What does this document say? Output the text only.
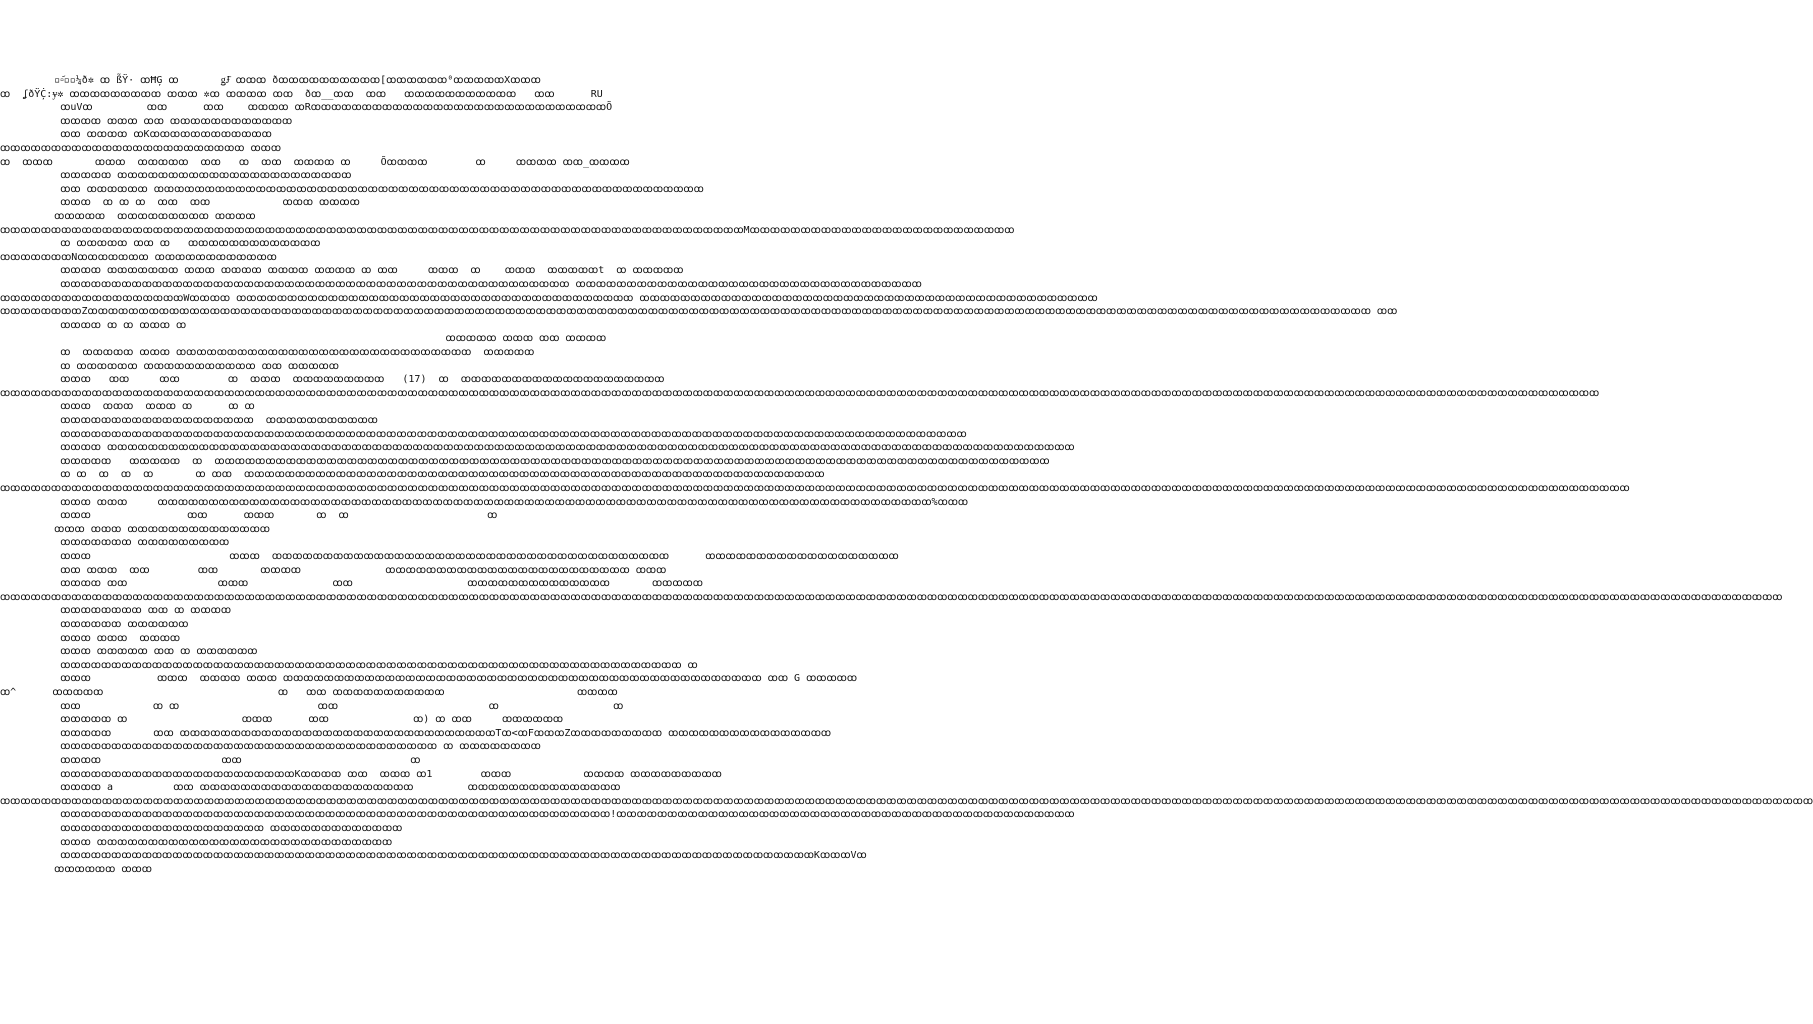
▫▫᷄▫▫¼ð✲ ꝏ ß̃Ÿ· ꝏĦĢ ꝏ       ǥɈ̄ ꝏꝏꝏ ðꝏꝏꝏꝏꝏꝏꝏꝏꝏꝏ[ꝏꝏꝏꝏꝏꝏ⁰ꝏꝏꝏꝏꝏXꝏꝏꝏ
ꝏ  ʆðŸĊ̦:ɏ✲ ꝏꝏꝏꝏꝏꝏꝏꝏꝏ ꝏꝏꝏ ✲ꝏ ꝏꝏꝏꝏ ꝏꝏ  ðꝏ__ꝏꝏ  ꝏꝏ   ꝏꝏꝏꝏꝏꝏꝏꝏꝏꝏꝏ   ꝏꝏ      RU
ꝏuVꝏ         ꝏꝏ      ꝏꝏ    ꝏꝏꝏꝏ ꝏRꝏꝏꝏꝏꝏꝏꝏꝏꝏꝏꝏꝏꝏꝏꝏꝏꝏꝏꝏꝏꝏꝏꝏꝏꝏꝏꝏꝏꝏÕ
ꝏꝏꝏꝏ ꝏꝏꝏ ꝏꝏ ꝏꝏꝏꝏꝏꝏꝏꝏꝏꝏꝏꝏ
ꝏꝏ ꝏꝏꝏꝏ ꝏKꝏꝏꝏꝏꝏꝏꝏꝏꝏꝏꝏꝏ
ꝏꝏꝏꝏꝏꝏꝏꝏꝏꝏꝏꝏꝏꝏꝏꝏꝏꝏꝏꝏꝏꝏꝏꝏ ꝏꝏꝏ
ꝏ  ꝏꝏꝏ       ꝏꝏꝏ  ꝏꝏꝏꝏꝏ  ꝏꝏ   ꝏ  ꝏꝏ  ꝏꝏꝏꝏ ꝏ     Õꝏꝏꝏꝏ        ꝏ     ꝏꝏꝏꝏ ꝏꝏ_ꝏꝏꝏꝏ
ꝏꝏꝏꝏꝏ ꝏꝏꝏꝏꝏꝏꝏꝏꝏꝏꝏꝏꝏꝏꝏꝏꝏꝏꝏꝏꝏꝏꝏ
ꝏꝏ ꝏꝏꝏꝏꝏꝏ ꝏꝏꝏꝏꝏꝏꝏꝏꝏꝏꝏꝏꝏꝏꝏꝏꝏꝏꝏꝏꝏꝏꝏꝏꝏꝏꝏꝏꝏꝏꝏꝏꝏꝏꝏꝏꝏꝏꝏꝏꝏꝏꝏꝏꝏꝏꝏꝏꝏꝏꝏꝏꝏꝏ
ꝏꝏꝏ  ꝏ ꝏ ꝏ  ꝏꝏ  ꝏꝏ            ꝏꝏꝏ ꝏꝏꝏꝏ
ꝏꝏꝏꝏꝏ  ꝏꝏꝏꝏꝏꝏꝏꝏꝏ ꝏꝏꝏꝏ
ꝏꝏꝏꝏꝏꝏꝏꝏꝏꝏꝏꝏꝏꝏꝏꝏꝏꝏꝏꝏꝏꝏꝏꝏꝏꝏꝏꝏꝏꝏꝏꝏꝏꝏꝏꝏꝏꝏꝏꝏꝏꝏꝏꝏꝏꝏꝏꝏꝏꝏꝏꝏꝏꝏꝏꝏꝏꝏꝏꝏꝏꝏꝏꝏꝏꝏꝏꝏꝏꝏꝏꝏꝏMꝏꝏꝏꝏꝏꝏꝏꝏꝏꝏꝏꝏꝏꝏꝏꝏꝏꝏꝏꝏꝏꝏꝏꝏꝏꝏ
ꝏ ꝏꝏꝏꝏꝏ ꝏꝏ ꝏ   ꝏꝏꝏꝏꝏꝏꝏꝏꝏꝏꝏꝏꝏ
ꝏꝏꝏꝏꝏꝏꝏNꝏꝏꝏꝏꝏꝏꝏ ꝏꝏꝏꝏꝏꝏꝏꝏꝏꝏꝏꝏ
ꝏꝏꝏꝏ ꝏꝏꝏꝏꝏꝏꝏ ꝏꝏꝏ ꝏꝏꝏꝏ ꝏꝏꝏꝏ ꝏꝏꝏꝏ ꝏ ꝏꝏ     ꝏꝏꝏ  ꝏ    ꝏꝏꝏ  ꝏꝏꝏꝏꝏt  ꝏ ꝏꝏꝏꝏꝏ
ꝏꝏꝏꝏꝏꝏꝏꝏꝏꝏꝏꝏꝏꝏꝏꝏꝏꝏꝏꝏꝏꝏꝏꝏꝏꝏꝏꝏꝏꝏꝏꝏꝏꝏꝏꝏꝏꝏꝏꝏꝏꝏꝏꝏꝏꝏꝏꝏꝏꝏ ꝏꝏꝏꝏꝏꝏꝏꝏꝏꝏꝏꝏꝏꝏꝏꝏꝏꝏꝏꝏꝏꝏꝏꝏꝏꝏꝏꝏꝏꝏꝏꝏꝏꝏ
ꝏꝏꝏꝏꝏꝏꝏꝏꝏꝏꝏꝏꝏꝏꝏꝏꝏꝏWꝏꝏꝏꝏ ꝏꝏꝏꝏꝏꝏꝏꝏꝏꝏꝏꝏꝏꝏꝏꝏꝏꝏꝏꝏꝏꝏꝏꝏꝏꝏꝏꝏꝏꝏꝏꝏꝏꝏꝏꝏꝏꝏꝏ ꝏꝏꝏꝏꝏꝏꝏꝏꝏꝏꝏꝏꝏꝏꝏꝏꝏꝏꝏꝏꝏꝏꝏꝏꝏꝏꝏꝏꝏꝏꝏꝏꝏꝏꝏꝏꝏꝏꝏꝏꝏꝏꝏꝏꝏ
ꝏꝏꝏꝏꝏꝏꝏꝏZꝏꝏꝏꝏꝏꝏꝏꝏꝏꝏꝏꝏꝏꝏꝏꝏꝏꝏꝏꝏꝏꝏꝏꝏꝏꝏꝏꝏꝏꝏꝏꝏꝏꝏꝏꝏꝏꝏꝏꝏꝏꝏꝏꝏꝏꝏꝏꝏꝏꝏꝏꝏꝏꝏꝏꝏꝏꝏꝏꝏꝏꝏꝏꝏꝏꝏꝏꝏꝏꝏꝏꝏꝏꝏꝏꝏꝏꝏꝏꝏꝏꝏꝏꝏꝏꝏꝏꝏꝏꝏꝏꝏꝏꝏꝏꝏꝏꝏꝏꝏꝏꝏꝏꝏꝏꝏꝏꝏꝏꝏꝏꝏꝏꝏꝏꝏꝏꝏꝏꝏꝏꝏꝏꝏꝏꝏ ꝏꝏ
ꝏꝏꝏꝏ ꝏ ꝏ ꝏꝏꝏ ꝏ
ꝏꝏꝏꝏꝏ ꝏꝏꝏ ꝏꝏ ꝏꝏꝏꝏ
ꝏ  ꝏꝏꝏꝏꝏ ꝏꝏꝏ ꝏꝏꝏꝏꝏꝏꝏꝏꝏꝏꝏꝏꝏꝏꝏꝏꝏꝏꝏꝏꝏꝏꝏꝏꝏꝏꝏꝏꝏ  ꝏꝏꝏꝏꝏ
ꝏ ꝏꝏꝏꝏꝏꝏ ꝏꝏꝏꝏꝏꝏꝏꝏꝏꝏꝏ ꝏꝏ ꝏꝏꝏꝏꝏ
ꝏꝏꝏ   ꝏꝏ     ꝏꝏ        ꝏ  ꝏꝏꝏ  ꝏꝏꝏꝏꝏꝏꝏꝏꝏ   (17)  ꝏ  ꝏꝏꝏꝏꝏꝏꝏꝏꝏꝏꝏꝏꝏꝏꝏꝏꝏꝏꝏꝏ
ꝏꝏꝏꝏꝏꝏꝏꝏꝏꝏꝏꝏꝏꝏꝏꝏꝏꝏꝏꝏꝏꝏꝏꝏꝏꝏꝏꝏꝏꝏꝏꝏꝏꝏꝏꝏꝏꝏꝏꝏꝏꝏꝏꝏꝏꝏꝏꝏꝏꝏꝏꝏꝏꝏꝏꝏꝏꝏꝏꝏꝏꝏꝏꝏꝏꝏꝏꝏꝏꝏꝏꝏꝏꝏꝏꝏꝏꝏꝏꝏꝏꝏꝏꝏꝏꝏꝏꝏꝏꝏꝏꝏꝏꝏꝏꝏꝏꝏꝏꝏꝏꝏꝏꝏꝏꝏꝏꝏꝏꝏꝏꝏꝏꝏꝏꝏꝏꝏꝏꝏꝏꝏꝏꝏꝏꝏꝏꝏꝏꝏꝏꝏꝏꝏꝏꝏꝏꝏꝏꝏꝏꝏꝏꝏꝏꝏꝏꝏꝏꝏꝏꝏꝏꝏꝏꝏꝏ
ꝏꝏꝏ  ꝏꝏꝏ  ꝏꝏꝏ ꝏ      ꝏ ꝏ
ꝏꝏꝏꝏꝏꝏꝏꝏꝏꝏꝏꝏꝏꝏꝏꝏꝏꝏꝏ  ꝏꝏꝏꝏꝏꝏꝏꝏꝏꝏꝏ
ꝏꝏꝏꝏꝏꝏꝏꝏꝏꝏꝏꝏꝏꝏꝏꝏꝏꝏꝏꝏꝏꝏꝏꝏꝏꝏꝏꝏꝏꝏꝏꝏꝏꝏꝏꝏꝏꝏꝏꝏꝏꝏꝏꝏꝏꝏꝏꝏꝏꝏꝏꝏꝏꝏꝏꝏꝏꝏꝏꝏꝏꝏꝏꝏꝏꝏꝏꝏꝏꝏꝏꝏꝏꝏꝏꝏꝏꝏꝏꝏꝏꝏꝏꝏꝏꝏꝏꝏꝏ
ꝏꝏꝏꝏ ꝏꝏꝏꝏꝏꝏꝏꝏꝏꝏꝏꝏꝏꝏꝏꝏꝏꝏꝏꝏꝏꝏꝏꝏꝏꝏꝏꝏꝏꝏꝏꝏꝏꝏꝏꝏꝏꝏꝏꝏꝏꝏꝏꝏꝏꝏꝏꝏꝏꝏꝏꝏꝏꝏꝏꝏꝏꝏꝏꝏꝏꝏꝏꝏꝏꝏꝏꝏꝏꝏꝏꝏꝏꝏꝏꝏꝏꝏꝏꝏꝏꝏꝏꝏꝏꝏꝏꝏꝏꝏꝏꝏꝏꝏꝏ
ꝏꝏꝏꝏꝏ   ꝏꝏꝏꝏꝏ  ꝏ  ꝏꝏꝏꝏꝏꝏꝏꝏꝏꝏꝏꝏꝏꝏꝏꝏꝏꝏꝏꝏꝏꝏꝏꝏꝏꝏꝏꝏꝏꝏꝏꝏꝏꝏꝏꝏꝏꝏꝏꝏꝏꝏꝏꝏꝏꝏꝏꝏꝏꝏꝏꝏꝏꝏꝏꝏꝏꝏꝏꝏꝏꝏꝏꝏꝏꝏꝏꝏꝏꝏꝏꝏꝏꝏꝏꝏꝏꝏꝏꝏꝏꝏ
ꝏ ꝏ  ꝏ  ꝏ  ꝏ       ꝏ ꝏꝏ  ꝏꝏꝏꝏꝏꝏꝏꝏꝏꝏꝏꝏꝏꝏꝏꝏꝏꝏꝏꝏꝏꝏꝏꝏꝏꝏꝏꝏꝏꝏꝏꝏꝏꝏꝏꝏꝏꝏꝏꝏꝏꝏꝏꝏꝏꝏꝏꝏꝏꝏꝏꝏꝏꝏꝏꝏꝏ
ꝏꝏꝏꝏꝏꝏꝏꝏꝏꝏꝏꝏꝏꝏꝏꝏꝏꝏꝏꝏꝏꝏꝏꝏꝏꝏꝏꝏꝏꝏꝏꝏꝏꝏꝏꝏꝏꝏꝏꝏꝏꝏꝏꝏꝏꝏꝏꝏꝏꝏꝏꝏꝏꝏꝏꝏꝏꝏꝏꝏꝏꝏꝏꝏꝏꝏꝏꝏꝏꝏꝏꝏꝏꝏꝏꝏꝏꝏꝏꝏꝏꝏꝏꝏꝏꝏꝏꝏꝏꝏꝏꝏꝏꝏꝏꝏꝏꝏꝏꝏꝏꝏꝏꝏꝏꝏꝏꝏꝏꝏꝏꝏꝏꝏꝏꝏꝏꝏꝏꝏꝏꝏꝏꝏꝏꝏꝏꝏꝏꝏꝏꝏꝏꝏꝏꝏꝏꝏꝏꝏꝏꝏꝏꝏꝏꝏꝏꝏꝏꝏꝏꝏꝏꝏꝏꝏꝏꝏꝏꝏ
ꝏꝏꝏ ꝏꝏꝏ     ꝏꝏꝏꝏꝏꝏꝏꝏꝏꝏꝏꝏꝏꝏꝏꝏꝏꝏꝏꝏꝏꝏꝏꝏꝏꝏꝏꝏꝏꝏꝏꝏꝏꝏꝏꝏꝏꝏꝏꝏꝏꝏꝏꝏꝏꝏꝏꝏꝏꝏꝏꝏꝏꝏꝏꝏꝏꝏꝏꝏꝏꝏꝏꝏꝏꝏꝏꝏꝏꝏꝏꝏꝏꝏꝏꝏ%ꝏꝏꝏ
ꝏꝏꝏ                ꝏꝏ      ꝏꝏꝏ       ꝏ  ꝏ                       ꝏ
ꝏꝏꝏ ꝏꝏꝏ ꝏꝏꝏꝏꝏꝏꝏꝏꝏꝏꝏꝏꝏꝏ
ꝏꝏꝏꝏꝏꝏꝏ ꝏꝏꝏꝏꝏꝏꝏꝏꝏ
ꝏꝏꝏ                       ꝏꝏꝏ  ꝏꝏꝏꝏꝏꝏꝏꝏꝏꝏꝏꝏꝏꝏꝏꝏꝏꝏꝏꝏꝏꝏꝏꝏꝏꝏꝏꝏꝏꝏꝏꝏꝏꝏꝏꝏꝏꝏꝏ      ꝏꝏꝏꝏꝏꝏꝏꝏꝏꝏꝏꝏꝏꝏꝏꝏꝏꝏꝏ
ꝏꝏ ꝏꝏꝏ  ꝏꝏ        ꝏꝏ       ꝏꝏꝏꝏ              ꝏꝏꝏꝏꝏꝏꝏꝏꝏꝏꝏꝏꝏꝏꝏꝏꝏꝏꝏꝏꝏꝏꝏꝏ ꝏꝏꝏ
ꝏꝏꝏꝏ ꝏꝏ               ꝏꝏꝏ              ꝏꝏ                   ꝏꝏꝏꝏꝏꝏꝏꝏꝏꝏꝏꝏꝏꝏ       ꝏꝏꝏꝏꝏ
ꝏꝏꝏꝏꝏꝏꝏꝏꝏꝏꝏꝏꝏꝏꝏꝏꝏꝏꝏꝏꝏꝏꝏꝏꝏꝏꝏꝏꝏꝏꝏꝏꝏꝏꝏꝏꝏꝏꝏꝏꝏꝏꝏꝏꝏꝏꝏꝏꝏꝏꝏꝏꝏꝏꝏꝏꝏꝏꝏꝏꝏꝏꝏꝏꝏꝏꝏꝏꝏꝏꝏꝏꝏꝏꝏꝏꝏꝏꝏꝏꝏꝏꝏꝏꝏꝏꝏꝏꝏꝏꝏꝏꝏꝏꝏꝏꝏꝏꝏꝏꝏꝏꝏꝏꝏꝏꝏꝏꝏꝏꝏꝏꝏꝏꝏꝏꝏꝏꝏꝏꝏꝏꝏꝏꝏꝏꝏꝏꝏꝏꝏꝏꝏꝏꝏꝏꝏꝏꝏꝏꝏꝏꝏꝏꝏꝏꝏꝏꝏꝏꝏꝏꝏꝏꝏꝏꝏꝏꝏꝏꝏꝏꝏꝏꝏꝏꝏꝏꝏꝏꝏꝏꝏꝏꝏ
ꝏꝏꝏꝏꝏꝏꝏꝏ ꝏꝏ ꝏ ꝏꝏꝏꝏ
ꝏꝏꝏꝏꝏꝏ ꝏꝏꝏꝏꝏꝏ
ꝏꝏꝏ ꝏꝏꝏ  ꝏꝏꝏꝏ
ꝏꝏꝏ ꝏꝏꝏꝏꝏ ꝏꝏ ꝏ ꝏꝏꝏꝏꝏꝏ
ꝏꝏꝏꝏꝏꝏꝏꝏꝏꝏꝏꝏꝏꝏꝏꝏꝏꝏꝏꝏꝏꝏꝏꝏꝏꝏꝏꝏꝏꝏꝏꝏꝏꝏꝏꝏꝏꝏꝏꝏꝏꝏꝏꝏꝏꝏꝏꝏꝏꝏꝏꝏꝏꝏꝏꝏꝏꝏꝏꝏꝏ ꝏ
ꝏꝏꝏ           ꝏꝏꝏ  ꝏꝏꝏꝏ ꝏꝏꝏ ꝏꝏꝏꝏꝏꝏꝏꝏꝏꝏꝏꝏꝏꝏꝏꝏꝏꝏꝏꝏꝏꝏꝏꝏꝏꝏꝏꝏꝏꝏꝏꝏꝏꝏꝏꝏꝏꝏꝏꝏꝏꝏꝏꝏꝏꝏꝏ ꝏꝏ G ꝏꝏꝏꝏꝏ
ꝏ^      ꝏꝏꝏꝏꝏ                             ꝏ   ꝏꝏ ꝏꝏꝏꝏꝏꝏꝏꝏꝏꝏꝏ                      ꝏꝏꝏꝏ
ꝏꝏ            ꝏ ꝏ                       ꝏꝏ                         ꝏ                   ꝏ
ꝏꝏꝏꝏꝏ ꝏ                   ꝏꝏꝏ      ꝏꝏ              ꝏ) ꝏ ꝏꝏ     ꝏꝏꝏꝏꝏꝏ
ꝏꝏꝏꝏꝏ       ꝏꝏ ꝏꝏꝏꝏꝏꝏꝏꝏꝏꝏꝏꝏꝏꝏꝏꝏꝏꝏꝏꝏꝏꝏꝏꝏꝏꝏꝏꝏꝏꝏꝏTꝏ<ꝏFꝏꝏꝏZꝏꝏꝏꝏꝏꝏꝏꝏꝏ ꝏꝏꝏꝏꝏꝏꝏꝏꝏꝏꝏꝏꝏꝏꝏꝏ
ꝏꝏꝏꝏꝏꝏꝏꝏꝏꝏꝏꝏꝏꝏꝏꝏꝏꝏꝏꝏꝏꝏꝏꝏꝏꝏꝏꝏꝏꝏꝏꝏꝏꝏꝏꝏꝏ ꝏ ꝏꝏꝏꝏꝏꝏꝏꝏ
ꝏꝏꝏꝏ                    ꝏꝏ                            ꝏ
ꝏꝏꝏꝏꝏꝏꝏꝏꝏꝏꝏꝏꝏꝏꝏꝏꝏꝏꝏꝏꝏꝏꝏKꝏꝏꝏꝏ ꝏꝏ  ꝏꝏꝏ ꝏ1        ꝏꝏꝏ            ꝏꝏꝏꝏ ꝏꝏꝏꝏꝏꝏꝏꝏꝏ
ꝏꝏꝏꝏ a          ꝏꝏ ꝏꝏꝏꝏꝏꝏꝏꝏꝏꝏꝏꝏꝏꝏꝏꝏꝏꝏꝏꝏꝏ         ꝏꝏꝏꝏꝏꝏꝏꝏꝏꝏꝏꝏꝏꝏꝏ
ꝏꝏꝏꝏꝏꝏꝏꝏꝏꝏꝏꝏꝏꝏꝏꝏꝏꝏꝏꝏꝏꝏꝏꝏꝏꝏꝏꝏꝏꝏꝏꝏꝏꝏꝏꝏꝏꝏꝏꝏꝏꝏꝏꝏꝏꝏꝏꝏꝏꝏꝏꝏꝏꝏꝏꝏꝏꝏꝏꝏꝏꝏꝏꝏꝏꝏꝏꝏꝏꝏꝏꝏꝏꝏꝏꝏꝏꝏꝏꝏꝏꝏꝏꝏꝏꝏꝏꝏꝏꝏꝏꝏꝏꝏꝏꝏꝏꝏꝏꝏꝏꝏꝏꝏꝏꝏꝏꝏꝏꝏꝏꝏꝏꝏꝏꝏꝏꝏꝏꝏꝏꝏꝏꝏꝏꝏꝏꝏꝏꝏꝏꝏꝏꝏꝏꝏꝏꝏꝏꝏꝏꝏꝏꝏꝏꝏꝏꝏꝏꝏꝏꝏꝏꝏꝏꝏꝏꝏꝏꝏꝏꝏꝏꝏꝏꝏꝏꝏꝏꝏꝏꝏꝏꝏꝏꝏꝏꝏ
ꝏꝏꝏꝏꝏꝏꝏꝏꝏꝏꝏꝏꝏꝏꝏꝏꝏꝏꝏꝏꝏꝏꝏꝏꝏꝏꝏꝏꝏꝏꝏꝏꝏꝏꝏꝏꝏꝏꝏꝏꝏꝏꝏꝏꝏꝏꝏꝏꝏꝏꝏꝏꝏꝏ!ꝏꝏꝏꝏꝏꝏꝏꝏꝏꝏꝏꝏꝏꝏꝏꝏꝏꝏꝏꝏꝏꝏꝏꝏꝏꝏꝏꝏꝏꝏꝏꝏꝏꝏꝏꝏꝏꝏꝏꝏꝏꝏꝏꝏꝏ
ꝏꝏꝏꝏꝏꝏꝏꝏꝏꝏꝏꝏꝏꝏꝏꝏꝏꝏꝏꝏ ꝏꝏꝏꝏꝏꝏꝏꝏꝏꝏꝏꝏꝏ
ꝏꝏꝏ ꝏꝏꝏꝏꝏꝏꝏꝏꝏꝏꝏꝏꝏꝏꝏꝏꝏꝏꝏꝏꝏꝏꝏꝏꝏꝏꝏꝏꝏ
ꝏꝏꝏꝏꝏꝏꝏꝏꝏꝏꝏꝏꝏꝏꝏꝏꝏꝏꝏꝏꝏꝏꝏꝏꝏꝏꝏꝏꝏꝏꝏꝏꝏꝏꝏꝏꝏꝏꝏꝏꝏꝏꝏꝏꝏꝏꝏꝏꝏꝏꝏꝏꝏꝏꝏꝏꝏꝏꝏꝏꝏꝏꝏꝏꝏꝏꝏꝏꝏꝏꝏꝏꝏꝏKꝏꝏꝏVꝏ
ꝏꝏꝏꝏꝏꝏ ꝏꝏꝏ
